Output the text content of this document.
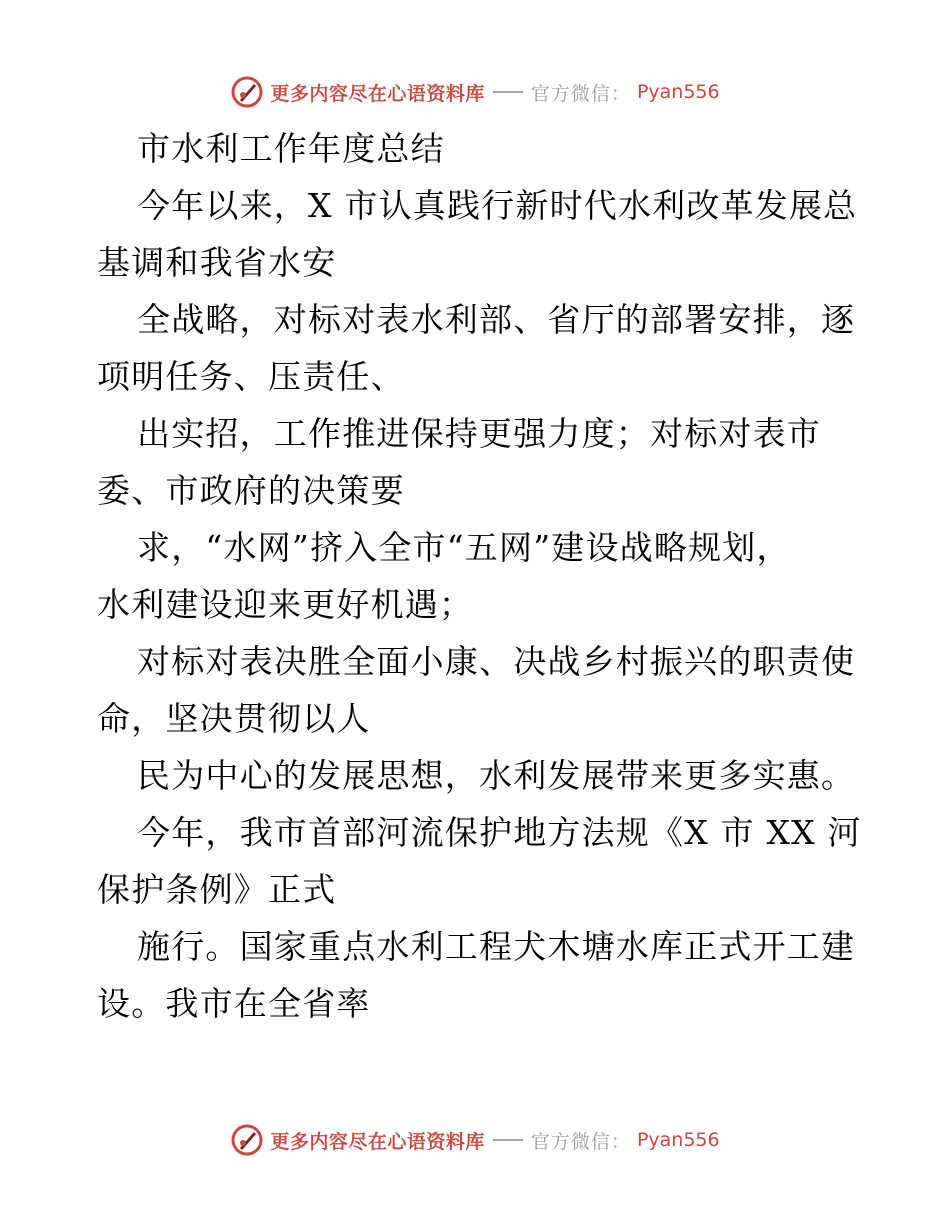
更多内容尽在心语资料库 官方微信： Pyan556
市水利工作年度总结
今年以来，X 市认真践行新时代水利改革发展总
基调和我省水安
全战略，对标对表水利部、省厅的部署安排，逐
项明任务、压责任、
出实招，工作推进保持更强力度；对标对表市
委、市政府的决策要
求，“水网”挤入全市“五网”建设战略规划，
水利建设迎来更好机遇；
对标对表决胜全面小康、决战乡村振兴的职责使
命，坚决贯彻以人
民为中心的发展思想，水利发展带来更多实惠。
今年，我市首部河流保护地方法规《X 市 XX 河
保护条例》正式
施行。国家重点水利工程犬木塘水库正式开工建
设。我市在全省率
更多内容尽在心语资料库 官方微信： Pyan556
